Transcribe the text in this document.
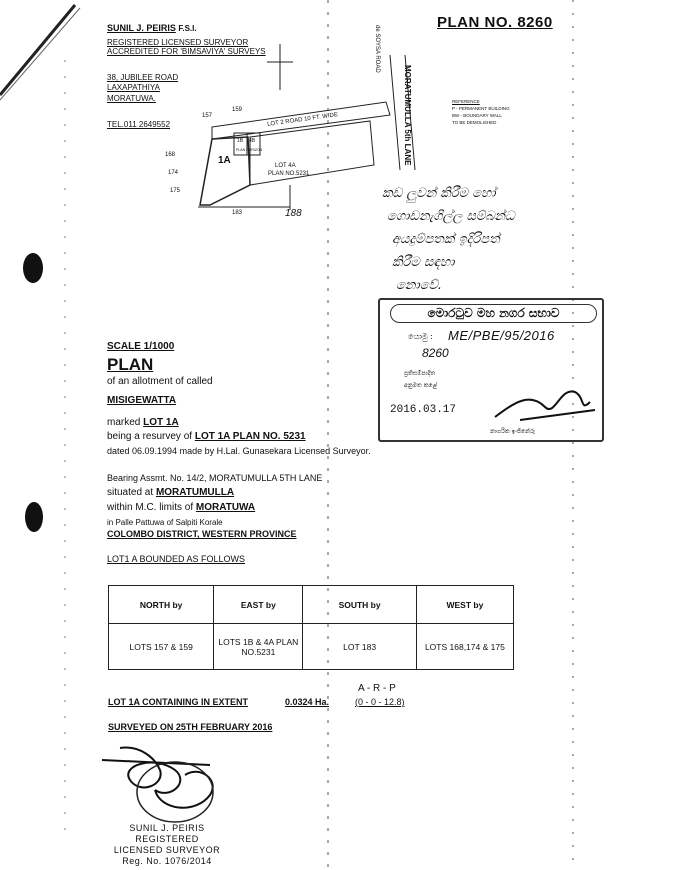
SUNIL J. PEIRIS F.S.I.
REGISTERED LICENSED SURVEYOR
ACCREDITED FOR 'BIMSAVIYA' SURVEYS
38, JUBILEE ROAD
LAXAPATHIYA
MORATUWA.
TEL.011 2649552
PLAN NO. 8260
de SOYSA ROAD
MORATUMULLA 5th LANE
LOT 2 ROAD 10 FT. WIDE
1A
1B 4B
PLAN HORIZON
LOT 4A
PLAN NO.5231
157
159
168
174
175
183	188
REFERENCE
P - PERMANENT BUILDING
BW - BOUNDARY WALL
TO BE DEMOLISHED
කඩ ලුවන් කිරීම හෝ
ගොඩනැගිල්ල සම්බන්ධ
අයදුම්පතක් ඉදිරිපත්
කිරීම සඳහා
නොවේ.
මොරටුව මහ නගර සභාව
යොමු : ME/PBE/95/2016
8260
ප්‍රතිසම්පාදිත
අනුමත කළේ
2016.03.17
නාගරික ඉංජිනේරු
SCALE 1/1000
PLAN
of an allotment of called
MISIGEWATTA
marked LOT 1A
being a resurvey of LOT 1A PLAN NO. 5231
dated 06.09.1994 made by H.Lal. Gunasekara Licensed Surveyor.
Bearing Assmt. No. 14/2, MORATUMULLA 5TH LANE
situated at MORATUMULLA
within M.C. limits of MORATUWA
in Palle Pattuwa of Salpiti Korale
COLOMBO DISTRICT, WESTERN PROVINCE
LOT1 A BOUNDED AS FOLLOWS
NORTH by	EAST by	SOUTH by	WEST by
LOTS 157 & 159	LOTS 1B & 4A PLAN NO.5231	LOT 183	LOTS 168,174 & 175
A - R - P
LOT 1A CONTAINING IN EXTENT	0.0324 Ha.	(0 - 0 - 12.8)
SURVEYED ON 25TH FEBRUARY 2016
SUNIL J. PEIRIS
REGISTERED
LICENSED SURVEYOR
Reg. No. 1076/2014
